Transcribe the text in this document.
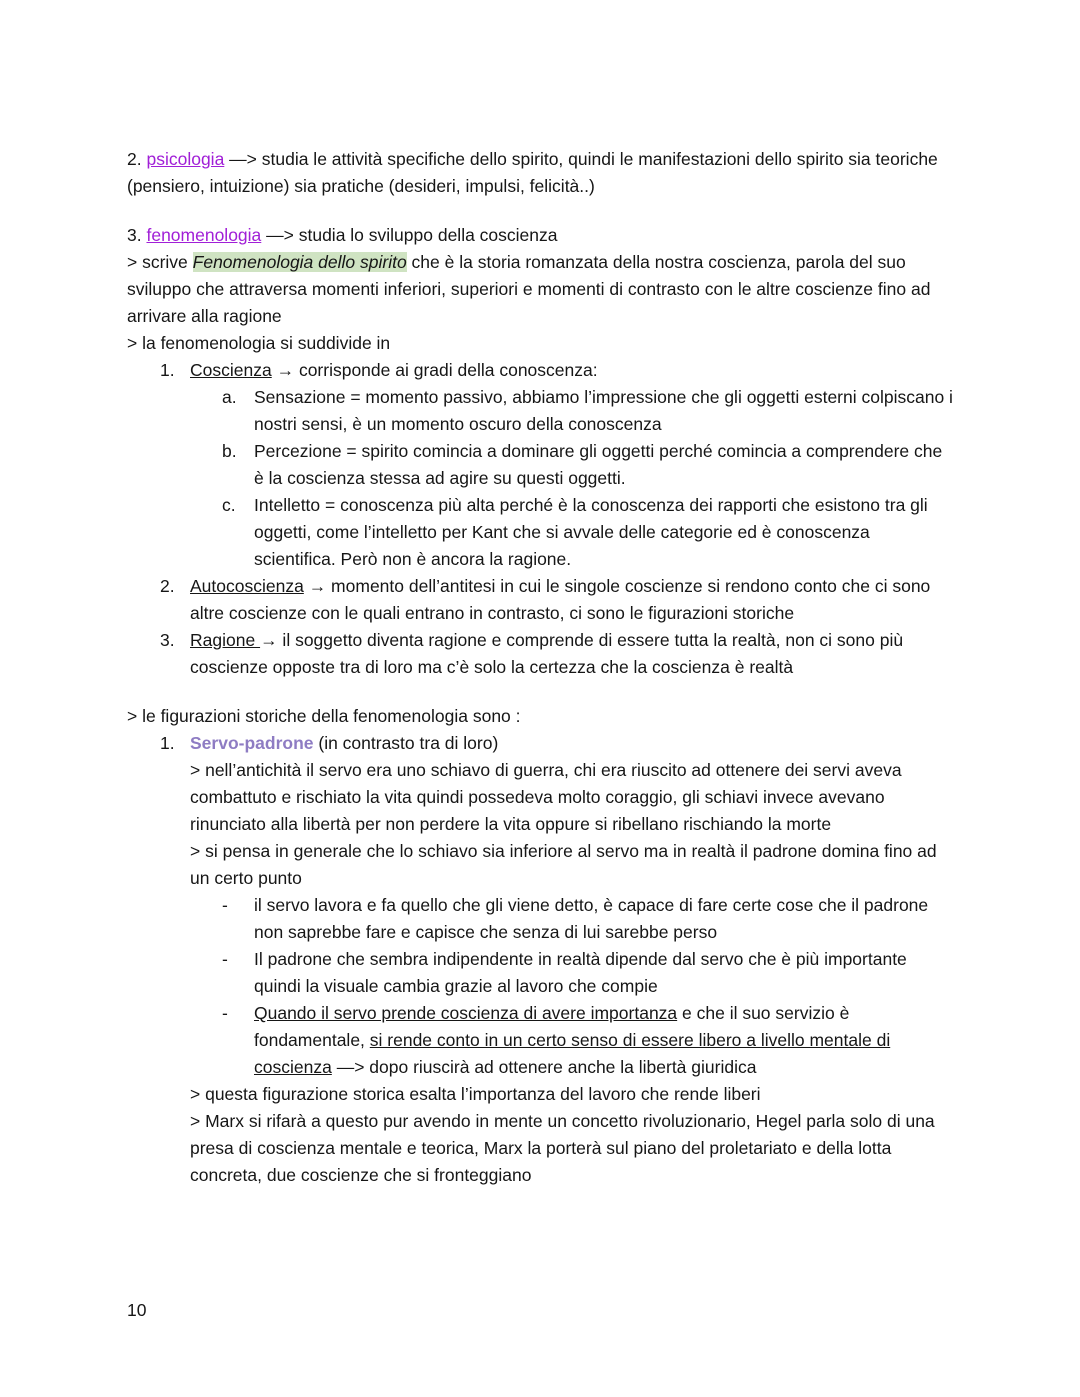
2. psicologia —> studia le attività specifiche dello spirito, quindi le manifestazioni dello spirito sia teoriche (pensiero, intuizione) sia pratiche (desideri, impulsi, felicità..)
3. fenomenologia —> studia lo sviluppo della coscienza
> scrive Fenomenologia dello spirito che è la storia romanzata della nostra coscienza, parola del suo sviluppo che attraversa momenti inferiori, superiori e momenti di contrasto con le altre coscienze fino ad arrivare alla ragione
> la fenomenologia si suddivide in
1. Coscienza → corrisponde ai gradi della conoscenza:
a. Sensazione = momento passivo, abbiamo l’impressione che gli oggetti esterni colpiscano i nostri sensi, è un momento oscuro della conoscenza
b. Percezione = spirito comincia a dominare gli oggetti perché comincia a comprendere che è la coscienza stessa ad agire su questi oggetti.
c. Intelletto = conoscenza più alta perché è la conoscenza dei rapporti che esistono tra gli oggetti, come l’intelletto per Kant che si avvale delle categorie ed è conoscenza scientifica. Però non è ancora la ragione.
2. Autocoscienza → momento dell’antitesi in cui le singole coscienze si rendono conto che ci sono altre coscienze con le quali entrano in contrasto, ci sono le figurazioni storiche
3. Ragione → il soggetto diventa ragione e comprende di essere tutta la realtà, non ci sono più coscienze opposte tra di loro ma c’è solo la certezza che la coscienza è realtà
> le figurazioni storiche della fenomenologia sono :
1. Servo-padrone (in contrasto tra di loro)
> nell’antichità il servo era uno schiavo di guerra, chi era riuscito ad ottenere dei servi aveva combattuto e rischiato la vita quindi possedeva molto coraggio, gli schiavi invece avevano rinunciato alla libertà per non perdere la vita oppure si ribellano rischiando la morte
> si pensa in generale che lo schiavo sia inferiore al servo ma in realtà il padrone domina fino ad un certo punto
- il servo lavora e fa quello che gli viene detto, è capace di fare certe cose che il padrone non saprebbe fare e capisce che senza di lui sarebbe perso
- Il padrone che sembra indipendente in realtà dipende dal servo che è più importante quindi la visuale cambia grazie al lavoro che compie
- Quando il servo prende coscienza di avere importanza e che il suo servizio è fondamentale, si rende conto in un certo senso di essere libero a livello mentale di coscienza —> dopo riuscirà ad ottenere anche la libertà giuridica
> questa figurazione storica esalta l’importanza del lavoro che rende liberi
> Marx si rifarà a questo pur avendo in mente un concetto rivoluzionario, Hegel parla solo di una presa di coscienza mentale e teorica, Marx la porterà sul piano del proletariato e della lotta concreta, due coscienze che si fronteggiano
10
